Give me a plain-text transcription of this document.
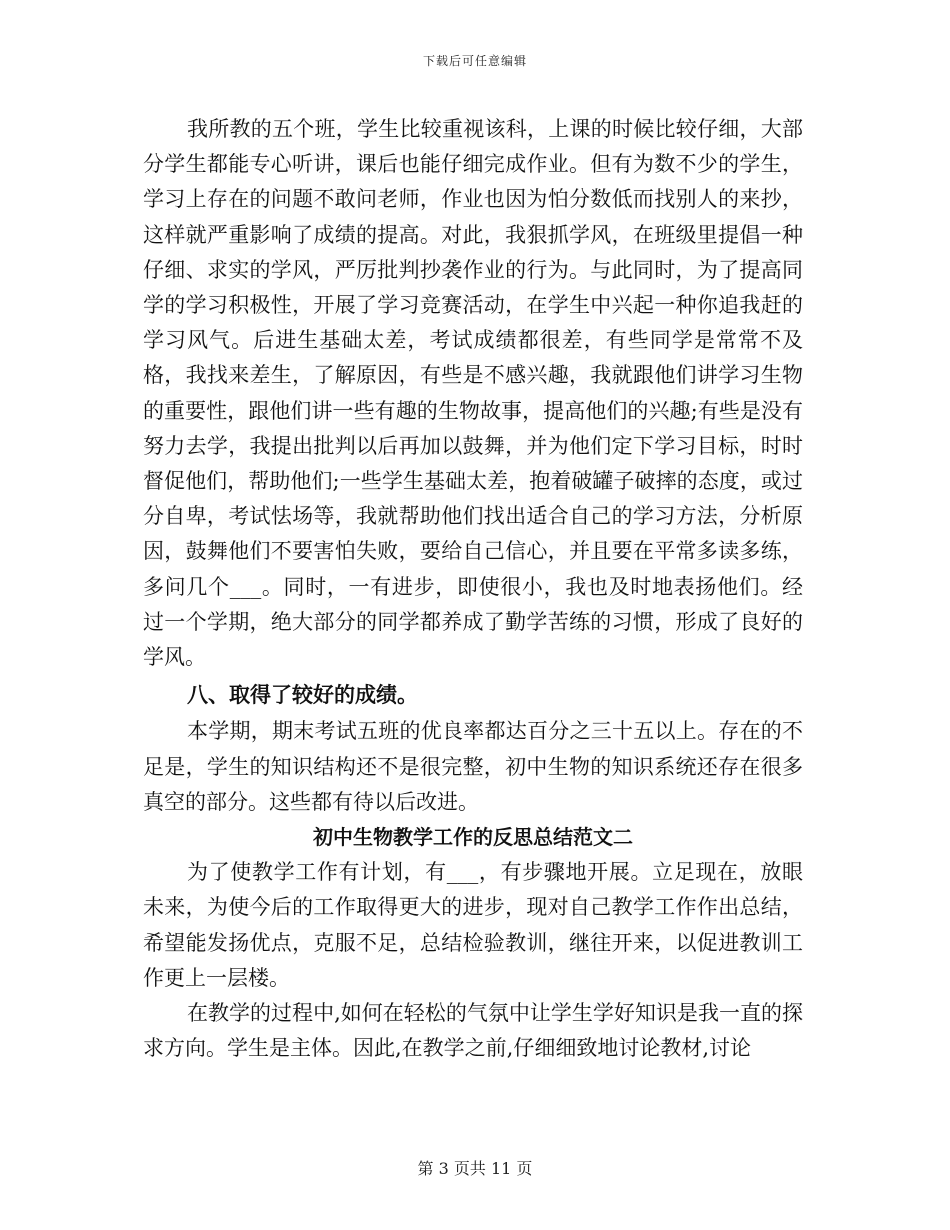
下载后可任意编辑

我所教的五个班，学生比较重视该科，上课的时候比较仔细，大部分学生都能专心听讲，课后也能仔细完成作业。但有为数不少的学生，学习上存在的问题不敢问老师，作业也因为怕分数低而找别人的来抄，这样就严重影响了成绩的提高。对此，我狠抓学风，在班级里提倡一种仔细、求实的学风，严厉批判抄袭作业的行为。与此同时，为了提高同学的学习积极性，开展了学习竞赛活动，在学生中兴起一种你追我赶的学习风气。后进生基础太差，考试成绩都很差，有些同学是常常不及格，我找来差生，了解原因，有些是不感兴趣，我就跟他们讲学习生物的重要性，跟他们讲一些有趣的生物故事，提高他们的兴趣;有些是没有努力去学，我提出批判以后再加以鼓舞，并为他们定下学习目标，时时督促他们，帮助他们;一些学生基础太差，抱着破罐子破摔的态度，或过分自卑，考试怯场等，我就帮助他们找出适合自己的学习方法，分析原因，鼓舞他们不要害怕失败，要给自己信心，并且要在平常多读多练，多问几个___。同时，一有进步，即使很小，我也及时地表扬他们。经过一个学期，绝大部分的同学都养成了勤学苦练的习惯，形成了良好的学风。

八、取得了较好的成绩。

本学期，期末考试五班的优良率都达百分之三十五以上。存在的不足是，学生的知识结构还不是很完整，初中生物的知识系统还存在很多真空的部分。这些都有待以后改进。

初中生物教学工作的反思总结范文二

为了使教学工作有计划，有___，有步骤地开展。立足现在，放眼未来，为使今后的工作取得更大的进步，现对自己教学工作作出总结，希望能发扬优点，克服不足，总结检验教训，继往开来，以促进教训工作更上一层楼。

在教学的过程中,如何在轻松的气氛中让学生学好知识是我一直的探求方向。学生是主体。因此,在教学之前,仔细细致地讨论教材,讨论

第 3 页共 11 页
